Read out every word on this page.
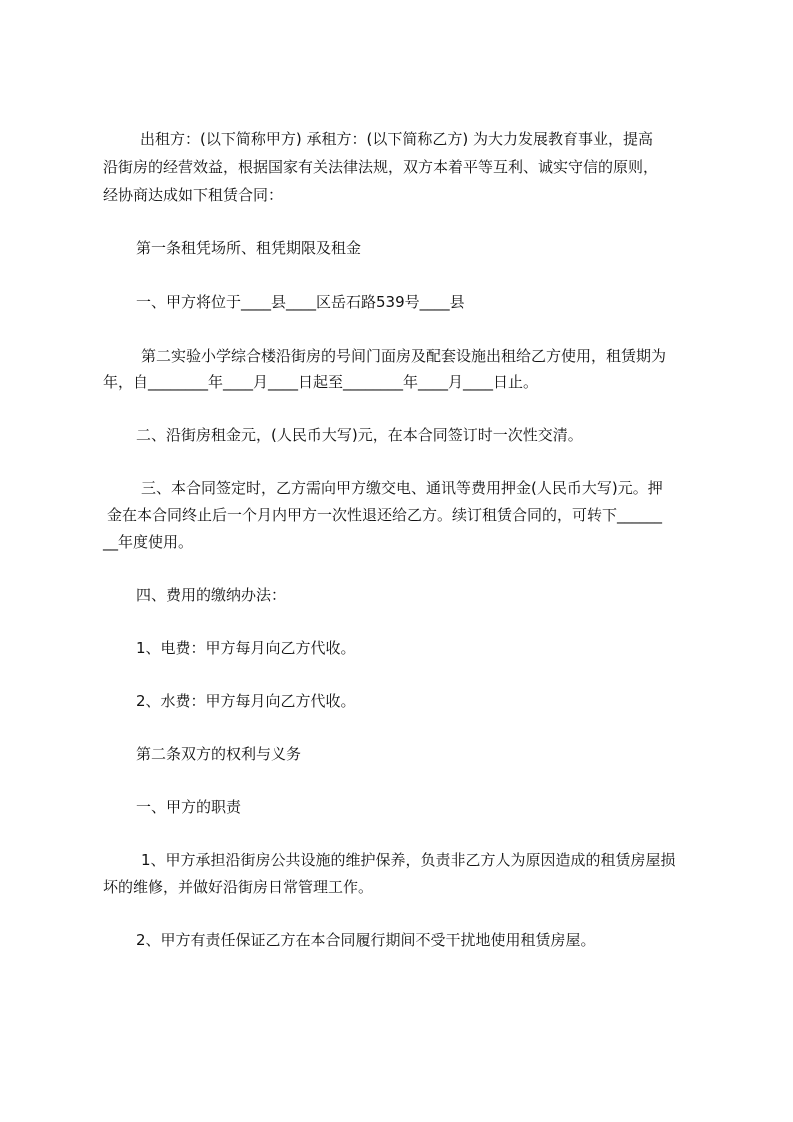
出租方：(以下简称甲方) 承租方：(以下简称乙方) 为大力发展教育事业，提高
沿街房的经营效益，根据国家有关法律法规，双方本着平等互利、诚实守信的原则，
经协商达成如下租赁合同：
第一条租凭场所、租凭期限及租金
一、甲方将位于____县____区岳石路539号____县
第二实验小学综合楼沿街房的号间门面房及配套设施出租给乙方使用，租赁期为
年，自________年____月____日起至________年____月____日止。
二、沿街房租金元，(人民币大写)元，在本合同签订时一次性交清。
三、本合同签定时，乙方需向甲方缴交电、通讯等费用押金(人民币大写)元。押
金在本合同终止后一个月内甲方一次性退还给乙方。续订租赁合同的，可转下______
__年度使用。
四、费用的缴纳办法：
1、电费：甲方每月向乙方代收。
2、水费：甲方每月向乙方代收。
第二条双方的权利与义务
一、甲方的职责
1、甲方承担沿街房公共设施的维护保养，负责非乙方人为原因造成的租赁房屋损
坏的维修，并做好沿街房日常管理工作。
2、甲方有责任保证乙方在本合同履行期间不受干扰地使用租赁房屋。
